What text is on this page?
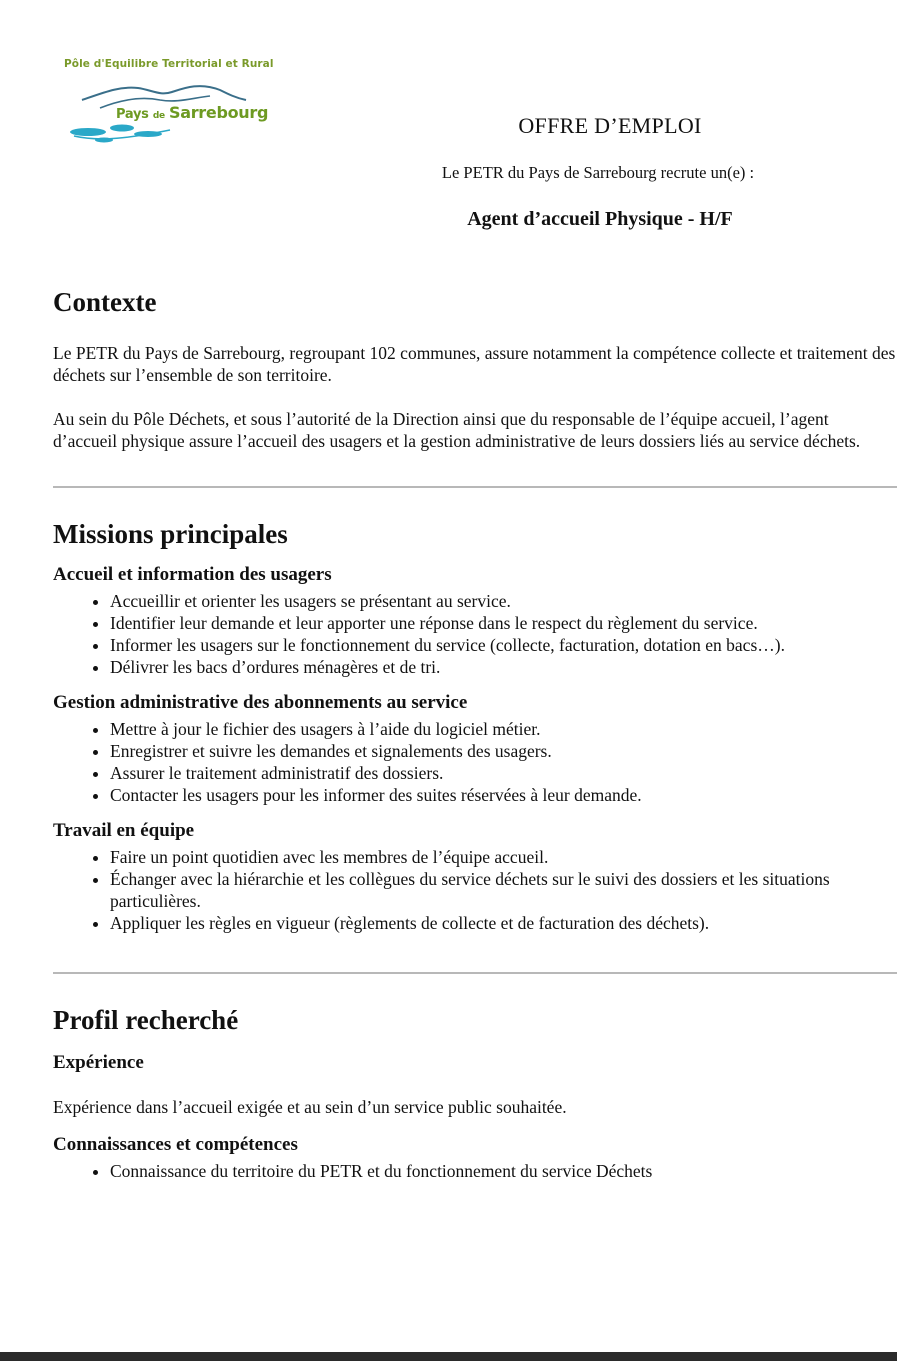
Pôle d'Equilibre Territorial et Rural
Pays de Sarrebourg
OFFRE D’EMPLOI
Le PETR du Pays de Sarrebourg recrute un(e) :
Agent d’accueil Physique - H/F
Contexte

Le PETR du Pays de Sarrebourg, regroupant 102 communes, assure notamment la compétence collecte et traitement des déchets sur l’ensemble de son territoire.

Au sein du Pôle Déchets, et sous l’autorité de la Direction ainsi que du responsable de l’équipe accueil, l’agent d’accueil physique assure l’accueil des usagers et la gestion administrative de leurs dossiers liés au service déchets.

Missions principales
Accueil et information des usagers
• Accueillir et orienter les usagers se présentant au service.
• Identifier leur demande et leur apporter une réponse dans le respect du règlement du service.
• Informer les usagers sur le fonctionnement du service (collecte, facturation, dotation en bacs…).
• Délivrer les bacs d’ordures ménagères et de tri.
Gestion administrative des abonnements au service
• Mettre à jour le fichier des usagers à l’aide du logiciel métier.
• Enregistrer et suivre les demandes et signalements des usagers.
• Assurer le traitement administratif des dossiers.
• Contacter les usagers pour les informer des suites réservées à leur demande.
Travail en équipe
• Faire un point quotidien avec les membres de l’équipe accueil.
• Échanger avec la hiérarchie et les collègues du service déchets sur le suivi des dossiers et les situations particulières.
• Appliquer les règles en vigueur (règlements de collecte et de facturation des déchets).
Profil recherché
Expérience

Expérience dans l’accueil exigée et au sein d’un service public souhaitée.

Connaissances et compétences
• Connaissance du territoire du PETR et du fonctionnement du service Déchets
